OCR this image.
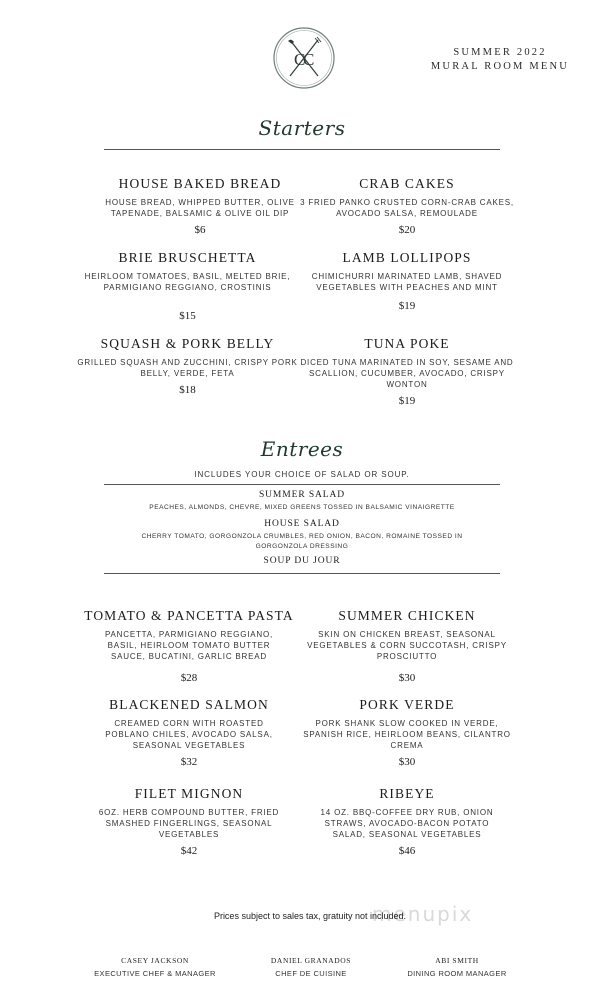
C
C	SUMMER 2022
MURAL ROOM MENU
Starters
HOUSE BAKED BREAD
HOUSE BREAD, WHIPPED BUTTER, OLIVE TAPENADE, BALSAMIC & OLIVE OIL DIP
$6
CRAB CAKES
3 FRIED PANKO CRUSTED CORN-CRAB CAKES, AVOCADO SALSA, REMOULADE
$20
BRIE BRUSCHETTA
HEIRLOOM TOMATOES, BASIL, MELTED BRIE, PARMIGIANO REGGIANO, CROSTINIS
$15
LAMB LOLLIPOPS
CHIMICHURRI MARINATED LAMB, SHAVED VEGETABLES WITH PEACHES AND MINT
$19
SQUASH & PORK BELLY
GRILLED SQUASH AND ZUCCHINI, CRISPY PORK BELLY, VERDE, FETA
$18
TUNA POKE
DICED TUNA MARINATED IN SOY, SESAME AND SCALLION, CUCUMBER, AVOCADO, CRISPY WONTON
$19
Entrees
INCLUDES YOUR CHOICE OF SALAD OR SOUP.
SUMMER SALAD
PEACHES, ALMONDS, CHEVRE, MIXED GREENS TOSSED IN BALSAMIC VINAIGRETTE
HOUSE SALAD
CHERRY TOMATO, GORGONZOLA CRUMBLES, RED ONION, BACON, ROMAINE TOSSED IN GORGONZOLA DRESSING
SOUP DU JOUR
TOMATO & PANCETTA PASTA
PANCETTA, PARMIGIANO REGGIANO, BASIL, HEIRLOOM TOMATO BUTTER SAUCE, BUCATINI, GARLIC BREAD
$28
SUMMER CHICKEN
SKIN ON CHICKEN BREAST, SEASONAL VEGETABLES & CORN SUCCOTASH, CRISPY PROSCIUTTO
$30
BLACKENED SALMON
CREAMED CORN WITH ROASTED POBLANO CHILES, AVOCADO SALSA, SEASONAL VEGETABLES
$32
PORK VERDE
PORK SHANK SLOW COOKED IN VERDE, SPANISH RICE, HEIRLOOM BEANS, CILANTRO CREMA
$30
FILET MIGNON
6OZ. HERB COMPOUND BUTTER, FRIED SMASHED FINGERLINGS, SEASONAL VEGETABLES
$42
RIBEYE
14 OZ. BBQ-COFFEE DRY RUB, ONION STRAWS, AVOCADO-BACON POTATO SALAD, SEASONAL VEGETABLES
$46
menupix
Prices subject to sales tax, gratuity not included.
CASEY JACKSON
EXECUTIVE CHEF & MANAGER
DANIEL GRANADOS
CHEF DE CUISINE
ABI SMITH
DINING ROOM MANAGER
